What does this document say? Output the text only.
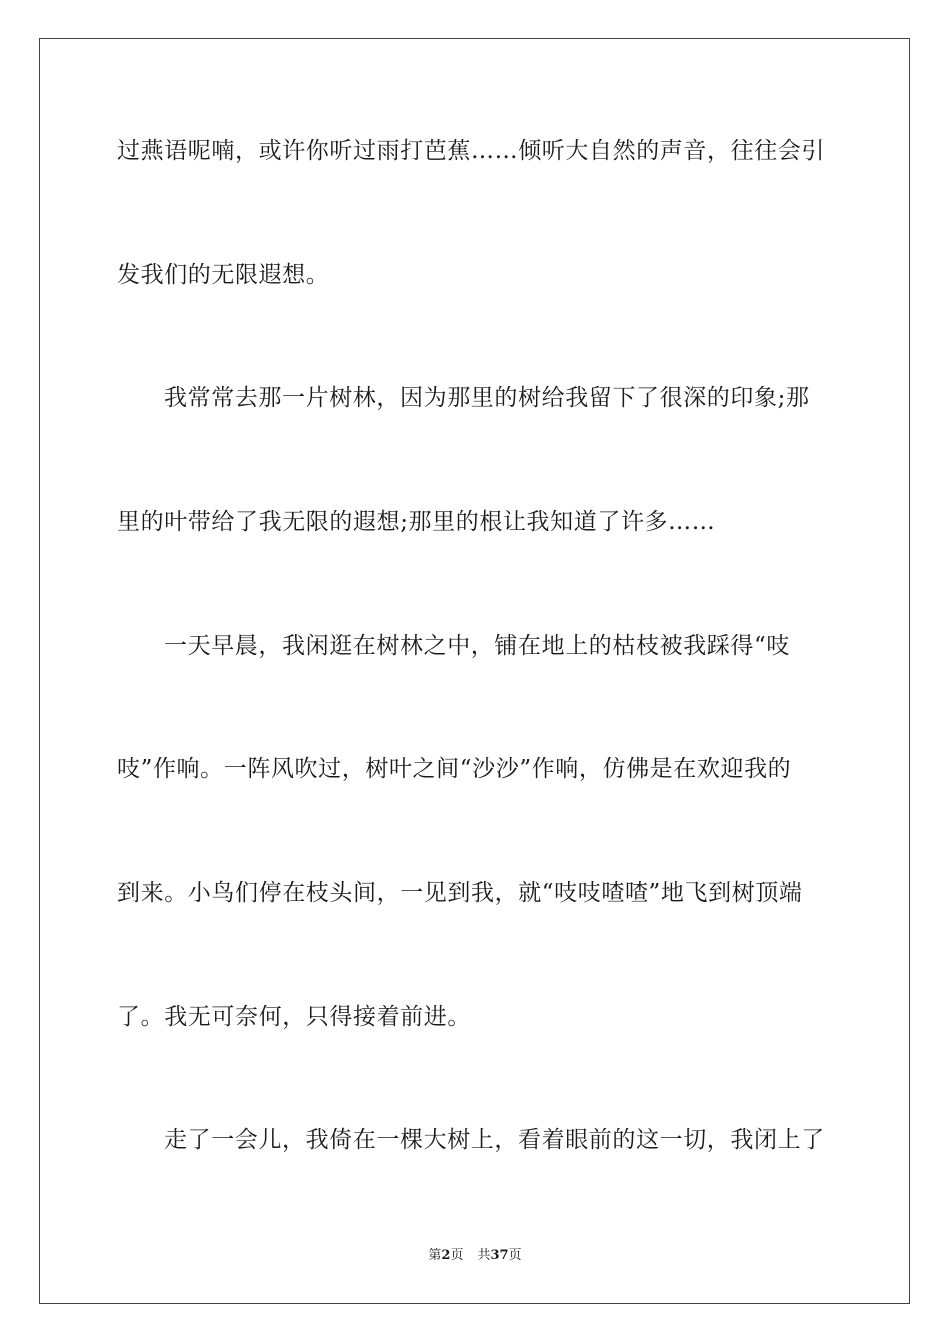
过燕语呢喃，或许你听过雨打芭蕉……倾听大自然的声音，往往会引
发我们的无限遐想。
我常常去那一片树林，因为那里的树给我留下了很深的印象;那
里的叶带给了我无限的遐想;那里的根让我知道了许多……
一天早晨，我闲逛在树林之中，铺在地上的枯枝被我踩得“吱
吱”作响。一阵风吹过，树叶之间“沙沙”作响，仿佛是在欢迎我的
到来。小鸟们停在枝头间，一见到我，就“吱吱喳喳”地飞到树顶端
了。我无可奈何，只得接着前进。
走了一会儿，我倚在一棵大树上，看着眼前的这一切，我闭上了
第2页 共37页
